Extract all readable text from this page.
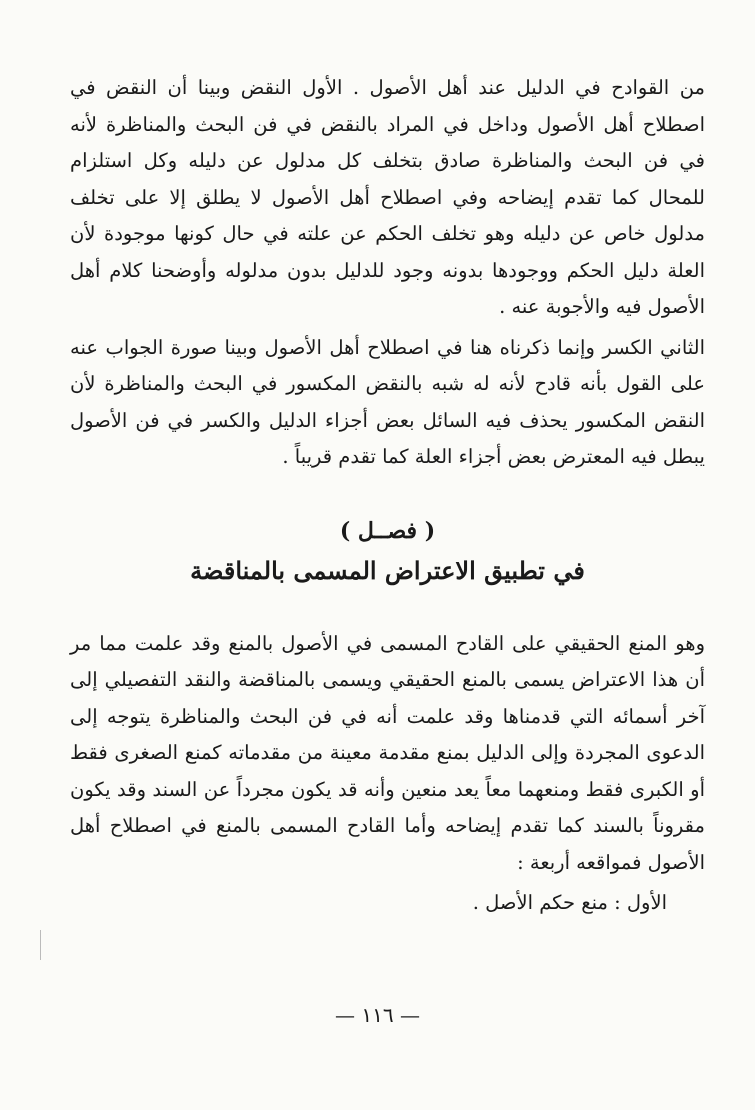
من القوادح في الدليل عند أهل الأصول . الأول النقض وبينا أن النقض في اصطلاح أهل الأصول وداخل في المراد بالنقض في فن البحث والمناظرة لأنه في فن البحث والمناظرة صادق بتخلف كل مدلول عن دليله وكل استلزام للمحال كما تقدم إيضاحه وفي اصطلاح أهل الأصول لا يطلق إلا على تخلف مدلول خاص عن دليله وهو تخلف الحكم عن علته في حال كونها موجودة لأن العلة دليل الحكم ووجودها بدونه وجود للدليل بدون مدلوله وأوضحنا كلام أهل الأصول فيه والأجوبة عنه .

الثاني الكسر وإنما ذكرناه هنا في اصطلاح أهل الأصول وبينا صورة الجواب عنه على القول بأنه قادح لأنه له شبه بالنقض المكسور في البحث والمناظرة لأن النقض المكسور يحذف فيه السائل بعض أجزاء الدليل والكسر في فن الأصول يبطل فيه المعترض بعض أجزاء العلة كما تقدم قريباً .

( فصــل )
في تطبيق الاعتراض المسمى بالمناقضة

وهو المنع الحقيقي على القادح المسمى في الأصول بالمنع وقد علمت مما مر أن هذا الاعتراض يسمى بالمنع الحقيقي ويسمى بالمناقضة والنقد التفصيلي إلى آخر أسمائه التي قدمناها وقد علمت أنه في فن البحث والمناظرة يتوجه إلى الدعوى المجردة وإلى الدليل بمنع مقدمة معينة من مقدماته كمنع الصغرى فقط أو الكبرى فقط ومنعهما معاً يعد منعين وأنه قد يكون مجرداً عن السند وقد يكون مقروناً بالسند كما تقدم إيضاحه وأما القادح المسمى بالمنع في اصطلاح أهل الأصول فمواقعه أربعة :

الأول : منع حكم الأصل .

— ١١٦ —
